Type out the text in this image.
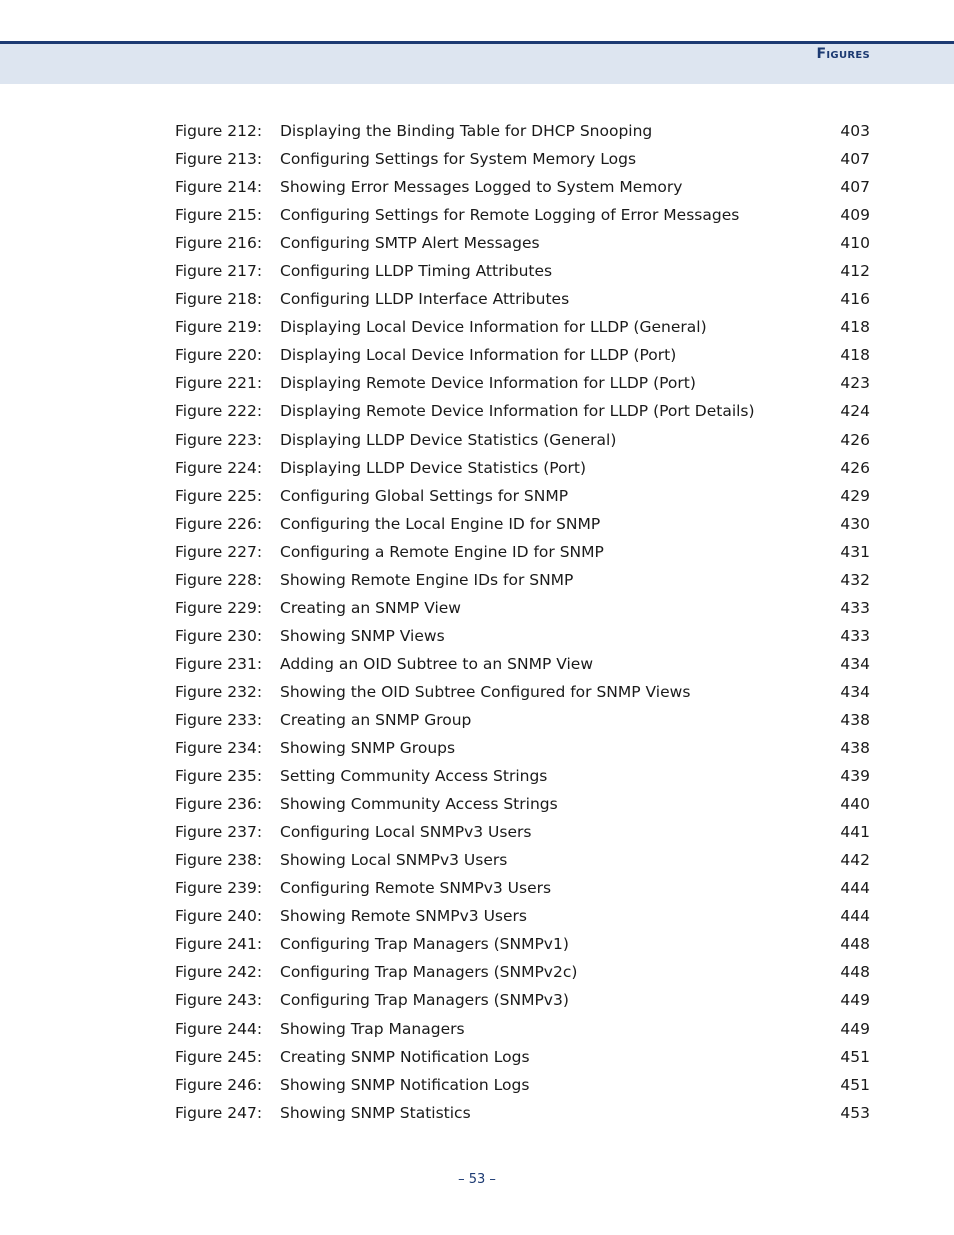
Figures
Figure 212: Displaying the Binding Table for DHCP Snooping	403
Figure 213: Configuring Settings for System Memory Logs	407
Figure 214: Showing Error Messages Logged to System Memory	407
Figure 215: Configuring Settings for Remote Logging of Error Messages	409
Figure 216: Configuring SMTP Alert Messages	410
Figure 217: Configuring LLDP Timing Attributes	412
Figure 218: Configuring LLDP Interface Attributes	416
Figure 219: Displaying Local Device Information for LLDP (General)	418
Figure 220: Displaying Local Device Information for LLDP (Port)	418
Figure 221: Displaying Remote Device Information for LLDP (Port)	423
Figure 222: Displaying Remote Device Information for LLDP (Port Details)	424
Figure 223: Displaying LLDP Device Statistics (General)	426
Figure 224: Displaying LLDP Device Statistics (Port)	426
Figure 225: Configuring Global Settings for SNMP	429
Figure 226: Configuring the Local Engine ID for SNMP	430
Figure 227: Configuring a Remote Engine ID for SNMP	431
Figure 228: Showing Remote Engine IDs for SNMP	432
Figure 229: Creating an SNMP View	433
Figure 230: Showing SNMP Views	433
Figure 231: Adding an OID Subtree to an SNMP View	434
Figure 232: Showing the OID Subtree Configured for SNMP Views	434
Figure 233: Creating an SNMP Group	438
Figure 234: Showing SNMP Groups	438
Figure 235: Setting Community Access Strings	439
Figure 236: Showing Community Access Strings	440
Figure 237: Configuring Local SNMPv3 Users	441
Figure 238: Showing Local SNMPv3 Users	442
Figure 239: Configuring Remote SNMPv3 Users	444
Figure 240: Showing Remote SNMPv3 Users	444
Figure 241: Configuring Trap Managers (SNMPv1)	448
Figure 242: Configuring Trap Managers (SNMPv2c)	448
Figure 243: Configuring Trap Managers (SNMPv3)	449
Figure 244: Showing Trap Managers	449
Figure 245: Creating SNMP Notification Logs	451
Figure 246: Showing SNMP Notification Logs	451
Figure 247: Showing SNMP Statistics	453
– 53 –
